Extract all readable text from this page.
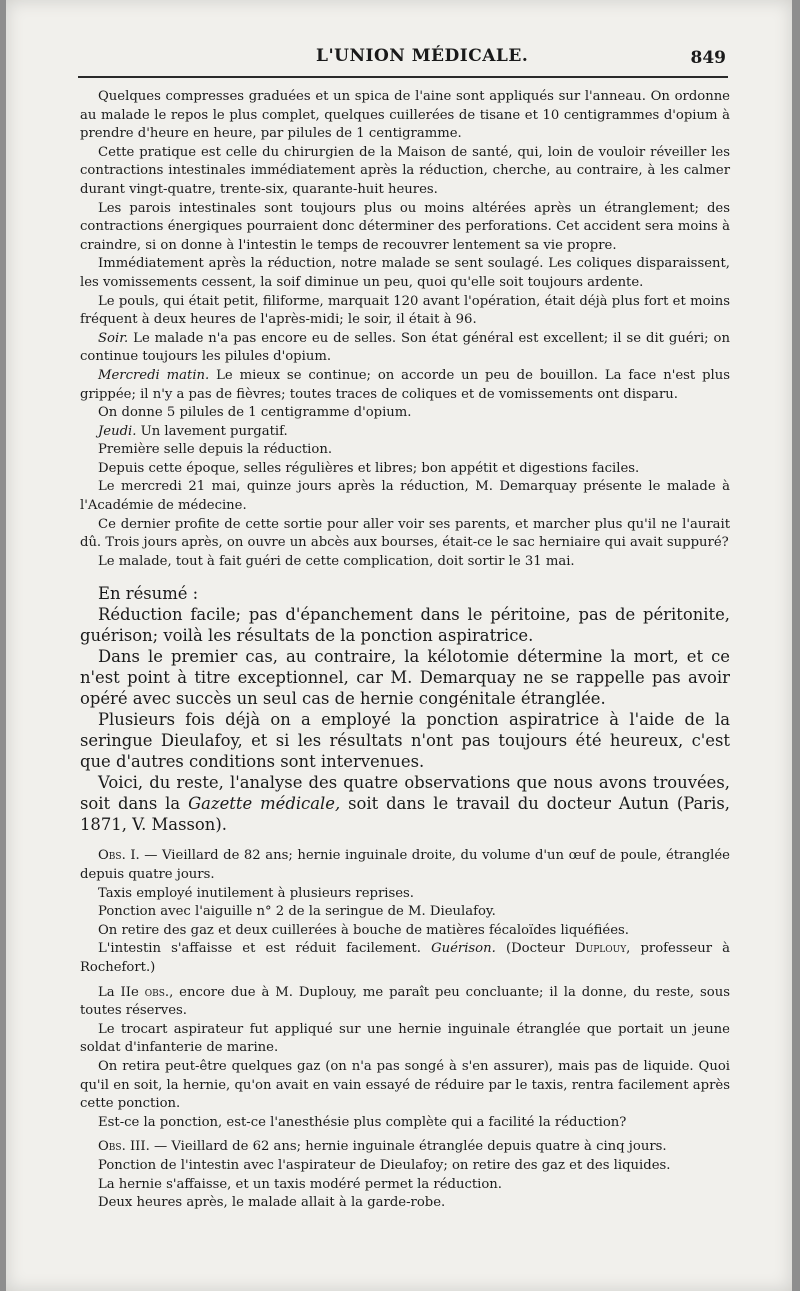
L'UNION MÉDICALE.	849

Quelques compresses graduées et un spica de l'aine sont appliqués sur l'anneau. On ordonne au malade le repos le plus complet, quelques cuillerées de tisane et 10 centigrammes d'opium à prendre d'heure en heure, par pilules de 1 centigramme.

Cette pratique est celle du chirurgien de la Maison de santé, qui, loin de vouloir réveiller les contractions intestinales immédiatement après la réduction, cherche, au contraire, à les calmer durant vingt-quatre, trente-six, quarante-huit heures.

Les parois intestinales sont toujours plus ou moins altérées après un étranglement; des contractions énergiques pourraient donc déterminer des perforations. Cet accident sera moins à craindre, si on donne à l'intestin le temps de recouvrer lentement sa vie propre.

Immédiatement après la réduction, notre malade se sent soulagé. Les coliques disparaissent, les vomissements cessent, la soif diminue un peu, quoi qu'elle soit toujours ardente.

Le pouls, qui était petit, filiforme, marquait 120 avant l'opération, était déjà plus fort et moins fréquent à deux heures de l'après-midi; le soir, il était à 96.

Soir. Le malade n'a pas encore eu de selles. Son état général est excellent; il se dit guéri; on continue toujours les pilules d'opium.

Mercredi matin. Le mieux se continue; on accorde un peu de bouillon. La face n'est plus grippée; il n'y a pas de fièvres; toutes traces de coliques et de vomissements ont disparu.

On donne 5 pilules de 1 centigramme d'opium.

Jeudi. Un lavement purgatif.

Première selle depuis la réduction.

Depuis cette époque, selles régulières et libres; bon appétit et digestions faciles.

Le mercredi 21 mai, quinze jours après la réduction, M. Demarquay présente le malade à l'Académie de médecine.

Ce dernier profite de cette sortie pour aller voir ses parents, et marcher plus qu'il ne l'aurait dû. Trois jours après, on ouvre un abcès aux bourses, était-ce le sac herniaire qui avait suppuré?

Le malade, tout à fait guéri de cette complication, doit sortir le 31 mai.

En résumé :

Réduction facile; pas d'épanchement dans le péritoine, pas de péritonite, guérison; voilà les résultats de la ponction aspiratrice.

Dans le premier cas, au contraire, la kélotomie détermine la mort, et ce n'est point à titre exceptionnel, car M. Demarquay ne se rappelle pas avoir opéré avec succès un seul cas de hernie congénitale étranglée.

Plusieurs fois déjà on a employé la ponction aspiratrice à l'aide de la seringue Dieulafoy, et si les résultats n'ont pas toujours été heureux, c'est que d'autres conditions sont intervenues.

Voici, du reste, l'analyse des quatre observations que nous avons trouvées, soit dans la Gazette médicale, soit dans le travail du docteur Autun (Paris, 1871, V. Masson).

Obs. I. — Vieillard de 82 ans; hernie inguinale droite, du volume d'un œuf de poule, étranglée depuis quatre jours.

Taxis employé inutilement à plusieurs reprises.

Ponction avec l'aiguille n° 2 de la seringue de M. Dieulafoy.

On retire des gaz et deux cuillerées à bouche de matières fécaloïdes liquéfiées.

L'intestin s'affaisse et est réduit facilement. Guérison. (Docteur Duplouy, professeur à Rochefort.)

La IIe obs., encore due à M. Duplouy, me paraît peu concluante; il la donne, du reste, sous toutes réserves.

Le trocart aspirateur fut appliqué sur une hernie inguinale étranglée que portait un jeune soldat d'infanterie de marine.

On retira peut-être quelques gaz (on n'a pas songé à s'en assurer), mais pas de liquide. Quoi qu'il en soit, la hernie, qu'on avait en vain essayé de réduire par le taxis, rentra facilement après cette ponction.

Est-ce la ponction, est-ce l'anesthésie plus complète qui a facilité la réduction?

Obs. III. — Vieillard de 62 ans; hernie inguinale étranglée depuis quatre à cinq jours.

Ponction de l'intestin avec l'aspirateur de Dieulafoy; on retire des gaz et des liquides.

La hernie s'affaisse, et un taxis modéré permet la réduction.

Deux heures après, le malade allait à la garde-robe.
